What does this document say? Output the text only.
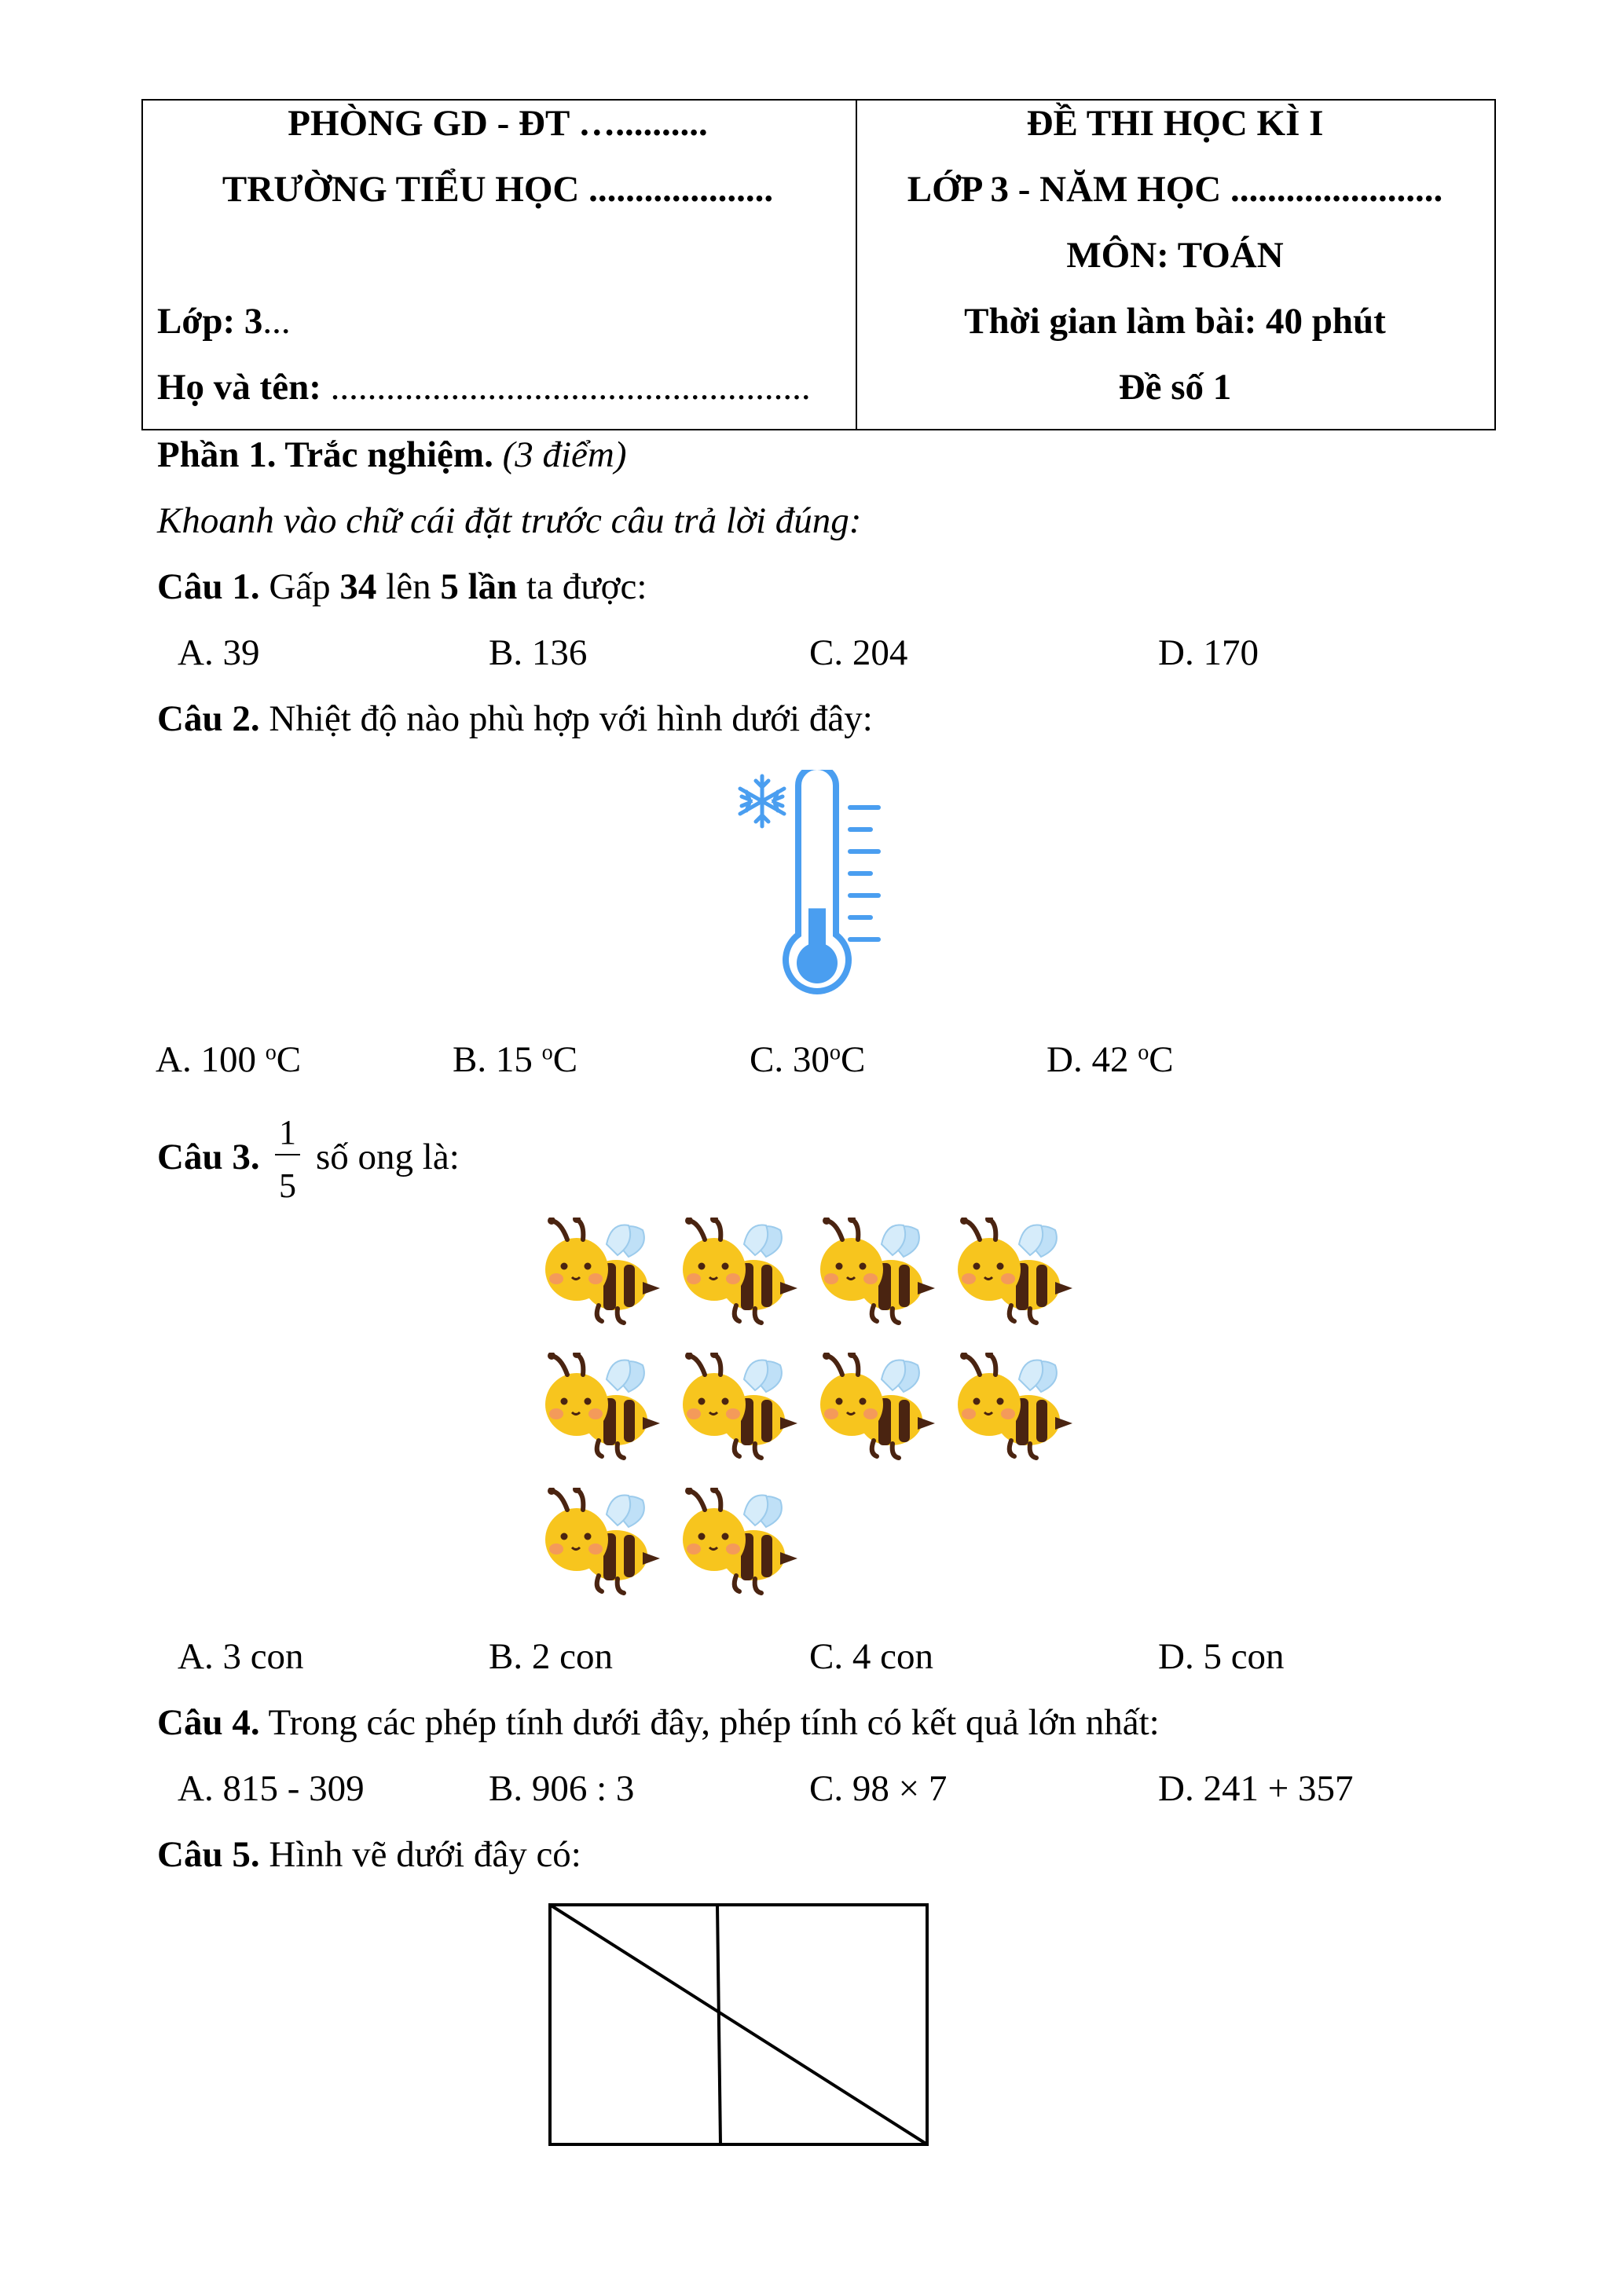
PHÒNG GD - ĐT …..........
TRƯỜNG TIỂU HỌC ....................
Lớp: 3...
Họ và tên: ....................................................
ĐỀ THI HỌC KÌ I
LỚP 3 - NĂM HỌC .......................
MÔN: TOÁN
Thời gian làm bài: 40 phút
Đề số 1
Phần 1. Trắc nghiệm. (3 điểm)
Khoanh vào chữ cái đặt trước câu trả lời đúng:
Câu 1. Gấp 34 lên 5 lần ta được:
A. 39	B. 136	C. 204	D. 170
Câu 2. Nhiệt độ nào phù hợp với hình dưới đây:
A. 100 $^o$C	B. 15 $^o$C	C. 30$^o$C	D. 42 $^o$C
Câu 3.
1
5
số ong là:
A. 3 con	B. 2 con	C. 4 con	D. 5 con
Câu 4. Trong các phép tính dưới đây, phép tính có kết quả lớn nhất:
A. 815 - 309	B. 906 : 3	C. 98 × 7	D. 241 + 357
Câu 5. Hình vẽ dưới đây có:
